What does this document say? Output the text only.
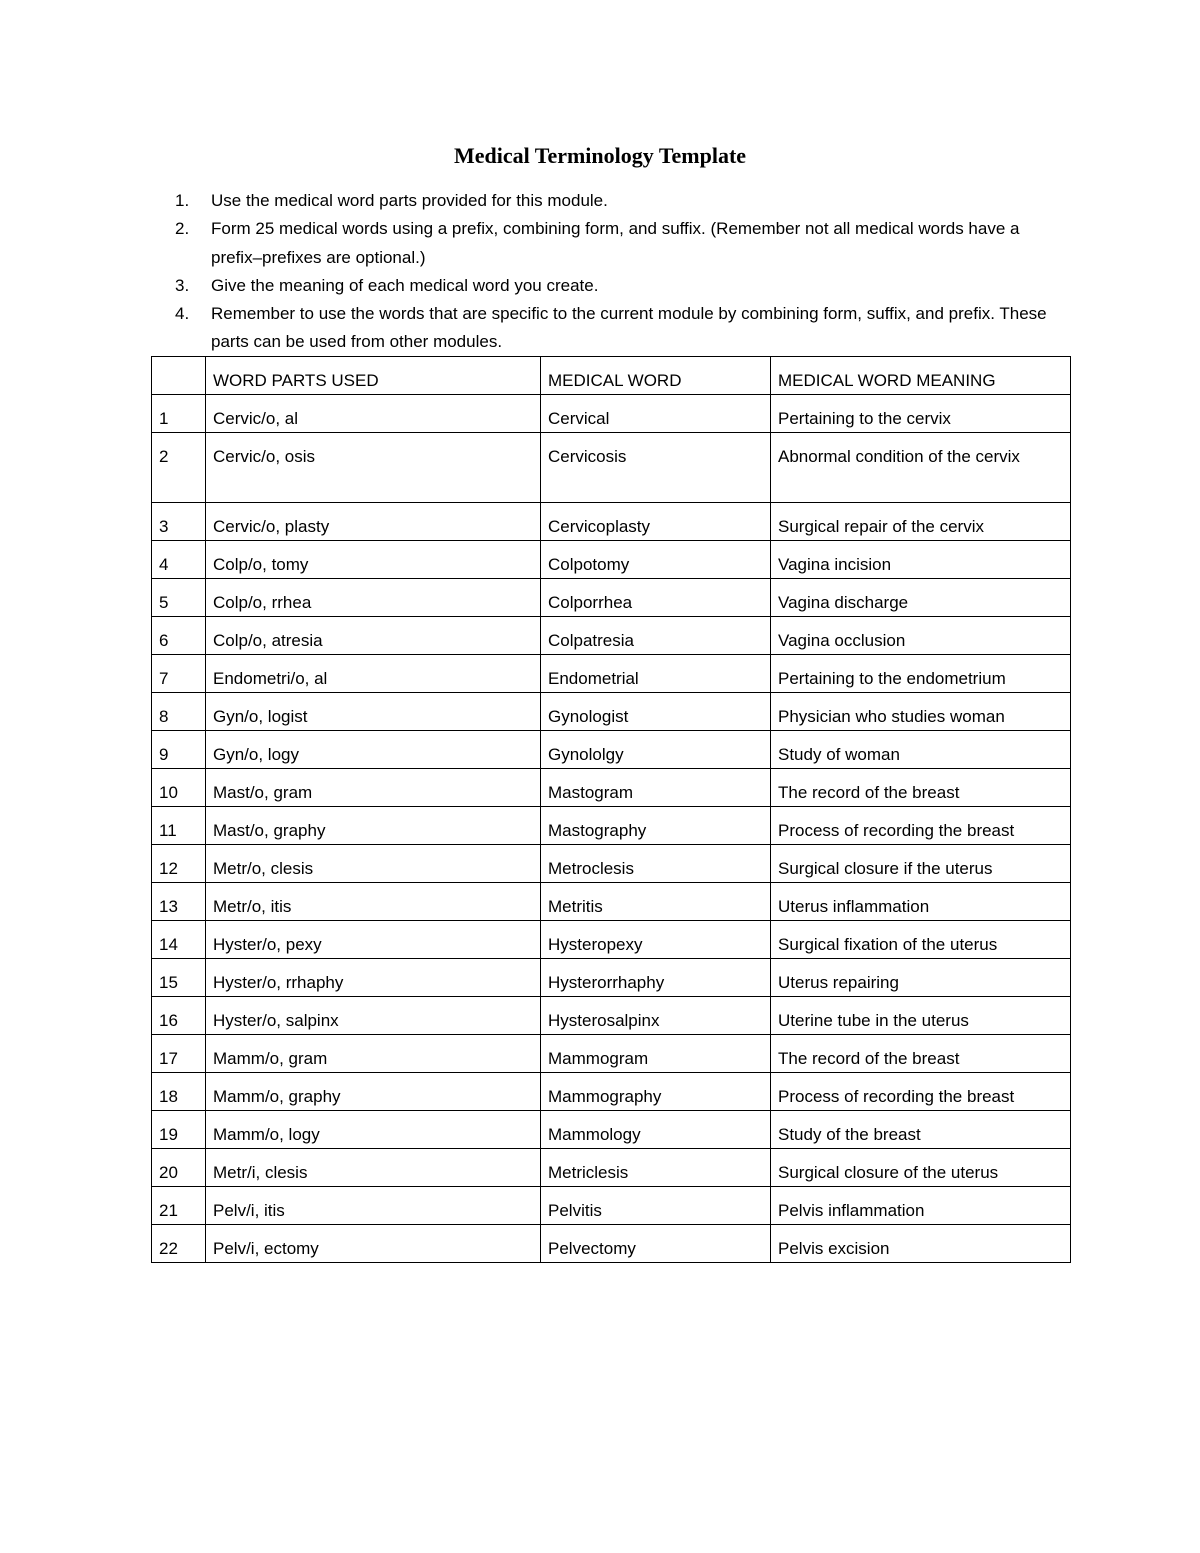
Medical Terminology Template
1. Use the medical word parts provided for this module.
2. Form 25 medical words using a prefix, combining form, and suffix. (Remember not all medical words have a prefix–prefixes are optional.)
3. Give the meaning of each medical word you create.
4. Remember to use the words that are specific to the current module by combining form, suffix, and prefix. These parts can be used from other modules.
	WORD PARTS USED	MEDICAL WORD	MEDICAL WORD MEANING
1	Cervic/o, al	Cervical	Pertaining to the cervix
2	Cervic/o, osis	Cervicosis	Abnormal condition of the cervix
3	Cervic/o, plasty	Cervicoplasty	Surgical repair of the cervix
4	Colp/o, tomy	Colpotomy	Vagina incision
5	Colp/o, rrhea	Colporrhea	Vagina discharge
6	Colp/o, atresia	Colpatresia	Vagina occlusion
7	Endometri/o, al	Endometrial	Pertaining to the endometrium
8	Gyn/o, logist	Gynologist	Physician who studies woman
9	Gyn/o, logy	Gynololgy	Study of woman
10	Mast/o, gram	Mastogram	The record of the breast
11	Mast/o, graphy	Mastography	Process of recording the breast
12	Metr/o, clesis	Metroclesis	Surgical closure if the uterus
13	Metr/o, itis	Metritis	Uterus inflammation
14	Hyster/o, pexy	Hysteropexy	Surgical fixation of the uterus
15	Hyster/o, rrhaphy	Hysterorrhaphy	Uterus repairing
16	Hyster/o, salpinx	Hysterosalpinx	Uterine tube in the uterus
17	Mamm/o, gram	Mammogram	The record of the breast
18	Mamm/o, graphy	Mammography	Process of recording the breast
19	Mamm/o, logy	Mammology	Study of the breast
20	Metr/i, clesis	Metriclesis	Surgical closure of the uterus
21	Pelv/i, itis	Pelvitis	Pelvis inflammation
22	Pelv/i, ectomy	Pelvectomy	Pelvis excision
